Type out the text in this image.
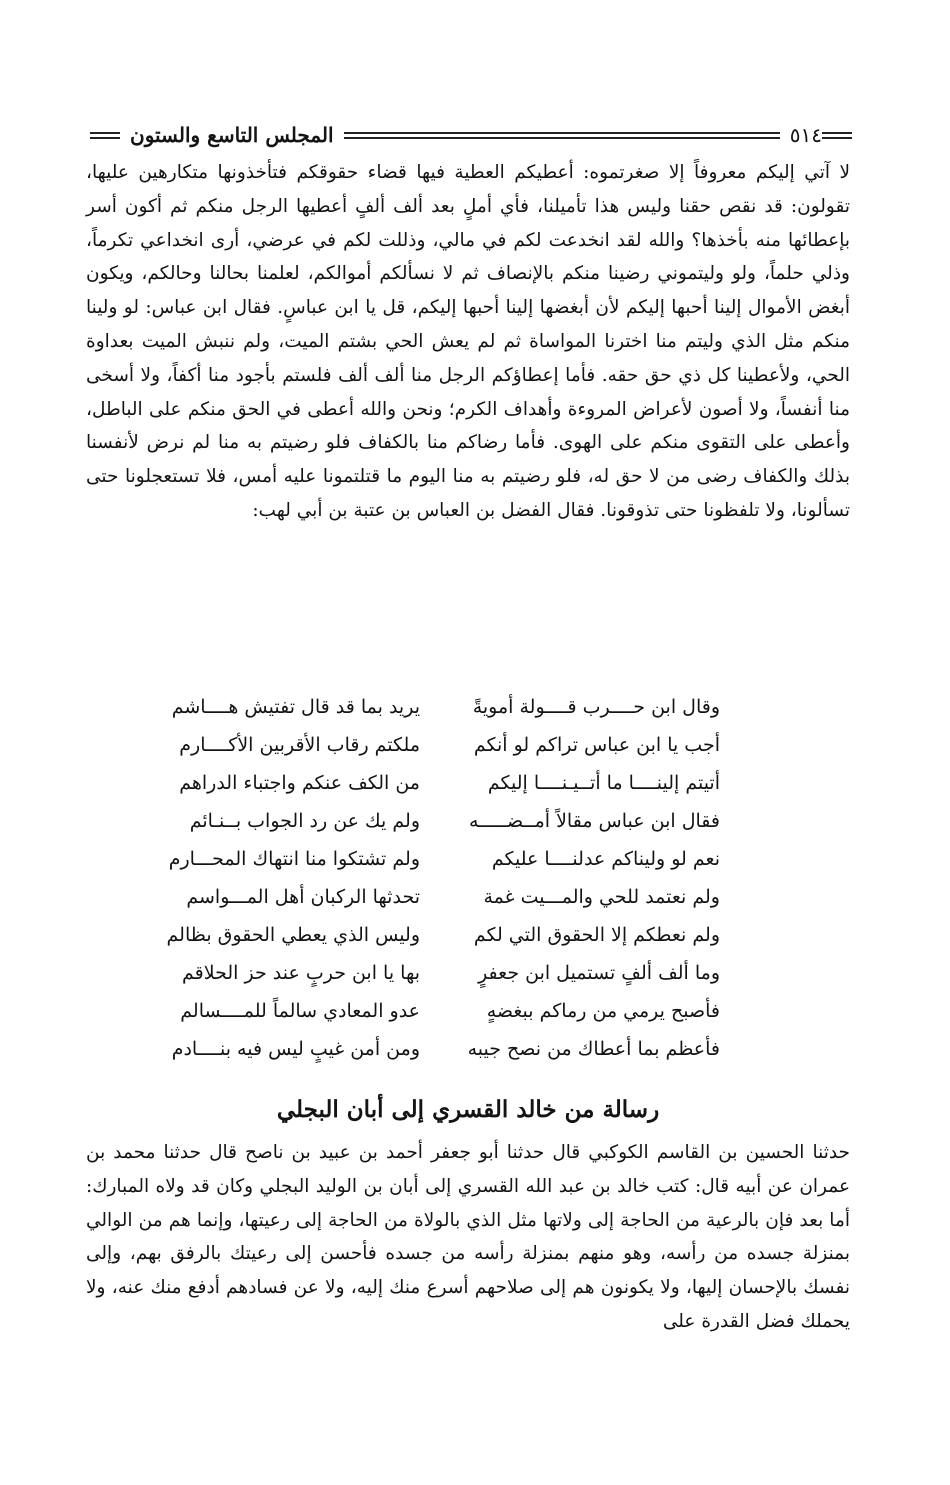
٥١٤
المجلس التاسع والستون

لا آتي إليكم معروفاً إلا صغرتموه: أعطيكم العطية فيها قضاء حقوقكم فتأخذونها متكارهين عليها، تقولون: قد نقص حقنا وليس هذا تأميلنا، فأي أملٍ بعد ألف ألفٍ أعطيها الرجل منكم ثم أكون أسر بإعطائها منه بأخذها؟ والله لقد انخدعت لكم في مالي، وذللت لكم في عرضي، أرى انخداعي تكرماً، وذلي حلماً، ولو وليتموني رضينا منكم بالإنصاف ثم لا نسألكم أموالكم، لعلمنا بحالنا وحالكم، ويكون أبغض الأموال إلينا أحبها إليكم لأن أبغضها إلينا أحبها إليكم، قل يا ابن عباسٍ. فقال ابن عباس: لو ولينا منكم مثل الذي وليتم منا اخترنا المواساة ثم لم يعش الحي بشتم الميت، ولم ننبش الميت بعداوة الحي، ولأعطينا كل ذي حق حقه. فأما إعطاؤكم الرجل منا ألف ألف فلستم بأجود منا أكفاً، ولا أسخى منا أنفساً، ولا أصون لأعراض المروءة وأهداف الكرم؛ ونحن والله أعطى في الحق منكم على الباطل، وأعطى على التقوى منكم على الهوى. فأما رضاكم منا بالكفاف فلو رضيتم به منا لم نرض لأنفسنا بذلك والكفاف رضى من لا حق له، فلو رضيتم به منا اليوم ما قتلتمونا عليه أمس، فلا تستعجلونا حتى تسألونا، ولا تلفظونا حتى تذوقونا. فقال الفضل بن العباس بن عتبة بن أبي لهب:

وقال ابن حــــرب قــــولة أمويةً
يريد بما قد قال تفتيش هــــاشم
أجب يا ابن عباس تراكم لو أنكم
ملكتم رقاب الأقربين الأكــــارم
أتيتم إلينــــا ما أتــيـنــــا إليكم
من الكف عنكم واجتباء الدراهم
فقال ابن عباس مقالاً أمــضـــــه
ولم يك عن رد الجواب بــنـائم
نعم لو وليناكم عدلنــــا عليكم
ولم تشتكوا منا انتهاك المحـــارم
ولم نعتمد للحي والمـــيت غمة
تحدثها الركبان أهل المـــواسم
ولم نعطكم إلا الحقوق التي لكم
وليس الذي يعطي الحقوق بظالم
وما ألف ألفٍ تستميل ابن جعفرٍ
بها يا ابن حربٍ عند حز الحلاقم
فأصبح يرمي من رماكم ببغضهٍ
عدو المعادي سالماً للمــــسالم
فأعظم بما أعطاك من نصح جيبه
ومن أمن غيبٍ ليس فيه بنــــادم
رسالة من خالد القسري إلى أبان البجلي

حدثنا الحسين بن القاسم الكوكبي قال حدثنا أبو جعفر أحمد بن عبيد بن ناصح قال حدثنا محمد بن عمران عن أبيه قال: كتب خالد بن عبد الله القسري إلى أبان بن الوليد البجلي وكان قد ولاه المبارك: أما بعد فإن بالرعية من الحاجة إلى ولاتها مثل الذي بالولاة من الحاجة إلى رعيتها، وإنما هم من الوالي بمنزلة جسده من رأسه، وهو منهم بمنزلة رأسه من جسده فأحسن إلى رعيتك بالرفق بهم، وإلى نفسك بالإحسان إليها، ولا يكونون هم إلى صلاحهم أسرع منك إليه، ولا عن فسادهم أدفع منك عنه، ولا يحملك فضل القدرة على
